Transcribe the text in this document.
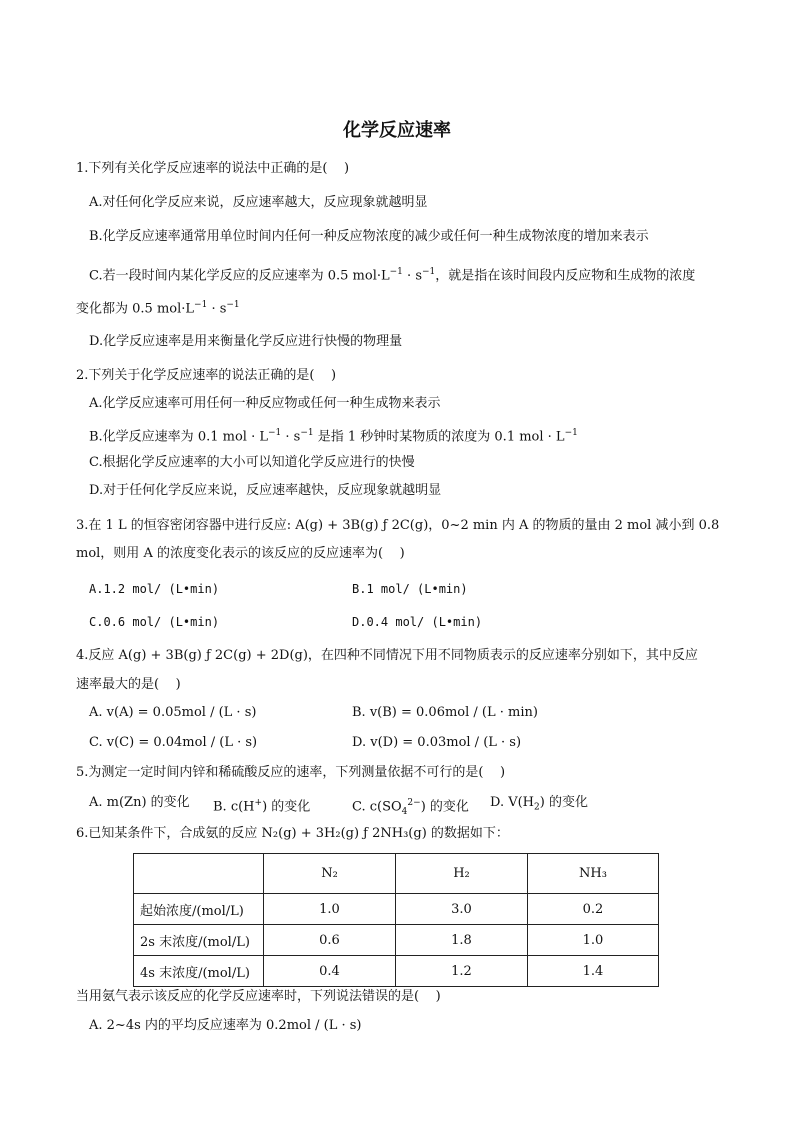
化学反应速率
1.下列有关化学反应速率的说法中正确的是(    )
A.对任何化学反应来说，反应速率越大，反应现象就越明显
B.化学反应速率通常用单位时间内任何一种反应物浓度的减少或任何一种生成物浓度的增加来表示
C.若一段时间内某化学反应的反应速率为 0.5 $mol\cdot L^{-1} \cdot s^{-1}$，就是指在该时间段内反应物和生成物的浓度
变化都为 0.5 $mol\cdot L^{-1} \cdot s^{-1}$
D.化学反应速率是用来衡量化学反应进行快慢的物理量
2.下列关于化学反应速率的说法正确的是(    )
A.化学反应速率可用任何一种反应物或任何一种生成物来表示
B.化学反应速率为 0.1 mol · $L^{-1} \cdot s^{-1}$ 是指 1 秒钟时某物质的浓度为 0.1 mol · $L^{-1}$
C.根据化学反应速率的大小可以知道化学反应进行的快慢
D.对于任何化学反应来说，反应速率越快，反应现象就越明显
3.在 1 L 的恒容密闭容器中进行反应: A(g) + 3B(g) ƒ 2C(g)，0~2 min 内 A 的物质的量由 2 mol 减小到 0.8
mol，则用 A 的浓度变化表示的该反应的反应速率为(    )
A.1.2 mol/ (L•min)	B.1 mol/ (L•min)
C.0.6 mol/ (L•min)	D.0.4 mol/ (L•min)
4.反应 A(g) + 3B(g) ƒ 2C(g) + 2D(g)，在四种不同情况下用不同物质表示的反应速率分别如下，其中反应
速率最大的是(    )
A. v(A) = 0.05mol / (L · s)	B. v(B) = 0.06mol / (L · min)
C. v(C) = 0.04mol / (L · s)	D. v(D) = 0.03mol / (L · s)
5.为测定一定时间内锌和稀硫酸反应的速率，下列测量依据不可行的是(    )
A. m(Zn) 的变化 B. c(H+) 的变化	C. $c(SO_4^{2-})$ 的变化 D. $V(H_2)$ 的变化
6.已知某条件下，合成氨的反应 N₂(g) + 3H₂(g) ƒ 2NH₃(g) 的数据如下：
	N₂	H₂	NH₃
起始浓度/(mol/L)	1.0	3.0	0.2
2s 末浓度/(mol/L)	0.6	1.8	1.0
4s 末浓度/(mol/L)	0.4	1.2	1.4
当用氨气表示该反应的化学反应速率时，下列说法错误的是(    )
A. 2~4s 内的平均反应速率为 0.2mol / (L · s)
